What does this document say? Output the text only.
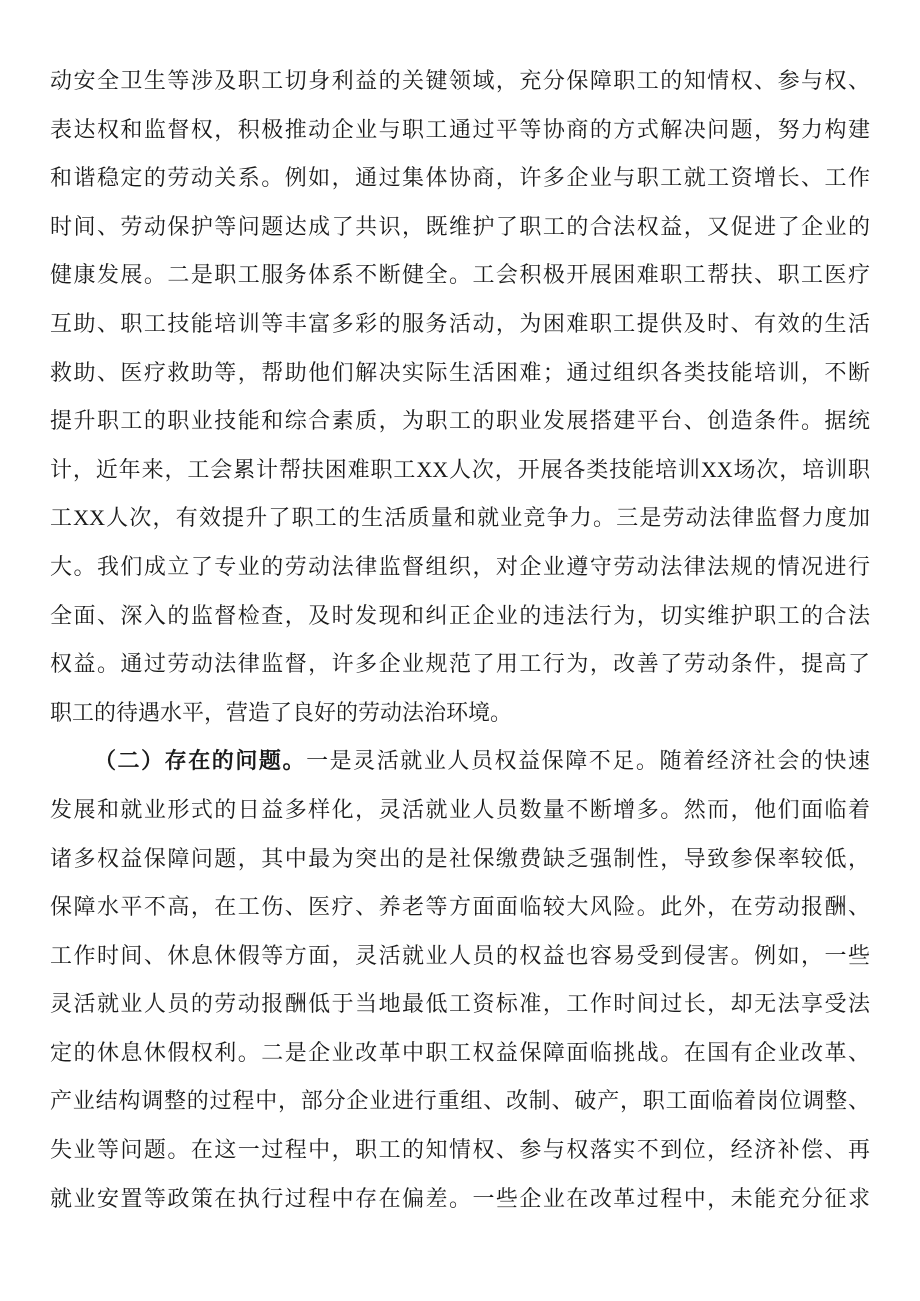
动安全卫生等涉及职工切身利益的关键领域，充分保障职工的知情权、参与权、
表达权和监督权，积极推动企业与职工通过平等协商的方式解决问题，努力构建
和谐稳定的劳动关系。例如，通过集体协商，许多企业与职工就工资增长、工作
时间、劳动保护等问题达成了共识，既维护了职工的合法权益，又促进了企业的
健康发展。二是职工服务体系不断健全。工会积极开展困难职工帮扶、职工医疗
互助、职工技能培训等丰富多彩的服务活动，为困难职工提供及时、有效的生活
救助、医疗救助等，帮助他们解决实际生活困难；通过组织各类技能培训，不断
提升职工的职业技能和综合素质，为职工的职业发展搭建平台、创造条件。据统
计，近年来，工会累计帮扶困难职工XX人次，开展各类技能培训XX场次，培训职
工XX人次，有效提升了职工的生活质量和就业竞争力。三是劳动法律监督力度加
大。我们成立了专业的劳动法律监督组织，对企业遵守劳动法律法规的情况进行
全面、深入的监督检查，及时发现和纠正企业的违法行为，切实维护职工的合法
权益。通过劳动法律监督，许多企业规范了用工行为，改善了劳动条件，提高了
职工的待遇水平，营造了良好的劳动法治环境。
（二）存在的问题。一是灵活就业人员权益保障不足。随着经济社会的快速
发展和就业形式的日益多样化，灵活就业人员数量不断增多。然而，他们面临着
诸多权益保障问题，其中最为突出的是社保缴费缺乏强制性，导致参保率较低，
保障水平不高，在工伤、医疗、养老等方面面临较大风险。此外，在劳动报酬、
工作时间、休息休假等方面，灵活就业人员的权益也容易受到侵害。例如，一些
灵活就业人员的劳动报酬低于当地最低工资标准，工作时间过长，却无法享受法
定的休息休假权利。二是企业改革中职工权益保障面临挑战。在国有企业改革、
产业结构调整的过程中，部分企业进行重组、改制、破产，职工面临着岗位调整、
失业等问题。在这一过程中，职工的知情权、参与权落实不到位，经济补偿、再
就业安置等政策在执行过程中存在偏差。一些企业在改革过程中，未能充分征求
